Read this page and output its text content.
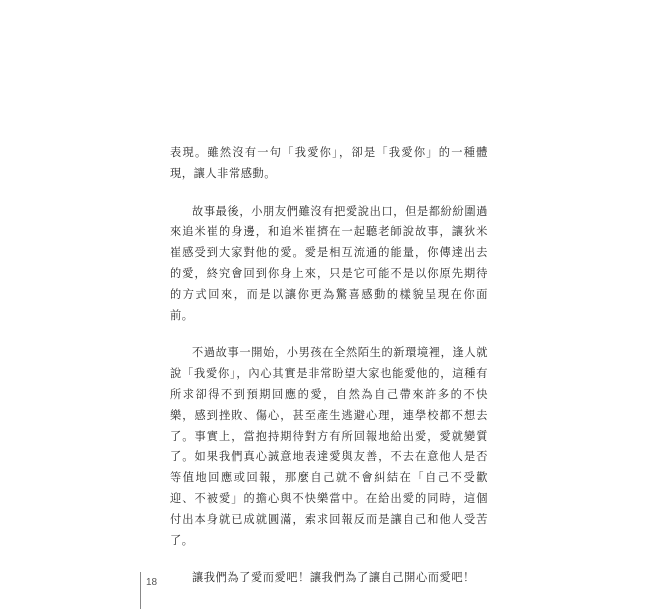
表現。雖然沒有一句「我愛你」，卻是「我愛你」的一種體現，讓人非常感動。

故事最後，小朋友們雖沒有把愛說出口，但是都紛紛圍過來追米崔的身邊，和追米崔擠在一起聽老師說故事，讓狄米崔感受到大家對他的愛。愛是相互流通的能量，你傳達出去的愛，終究會回到你身上來，只是它可能不是以你原先期待的方式回來，而是以讓你更為驚喜感動的樣貌呈現在你面前。

不過故事一開始，小男孩在全然陌生的新環境裡，逢人就說「我愛你」，內心其實是非常盼望大家也能愛他的，這種有所求卻得不到預期回應的愛，自然為自己帶來許多的不快樂，感到挫敗、傷心，甚至產生逃避心理，連學校都不想去了。事實上，當抱持期待對方有所回報地給出愛，愛就變質了。如果我們真心誠意地表達愛與友善，不去在意他人是否等值地回應或回報，那麼自己就不會糾結在「自己不受歡迎、不被愛」的擔心與不快樂當中。在給出愛的同時，這個付出本身就已成就圓滿，索求回報反而是讓自己和他人受苦了。

讓我們為了愛而愛吧！讓我們為了讓自己開心而愛吧！

18
